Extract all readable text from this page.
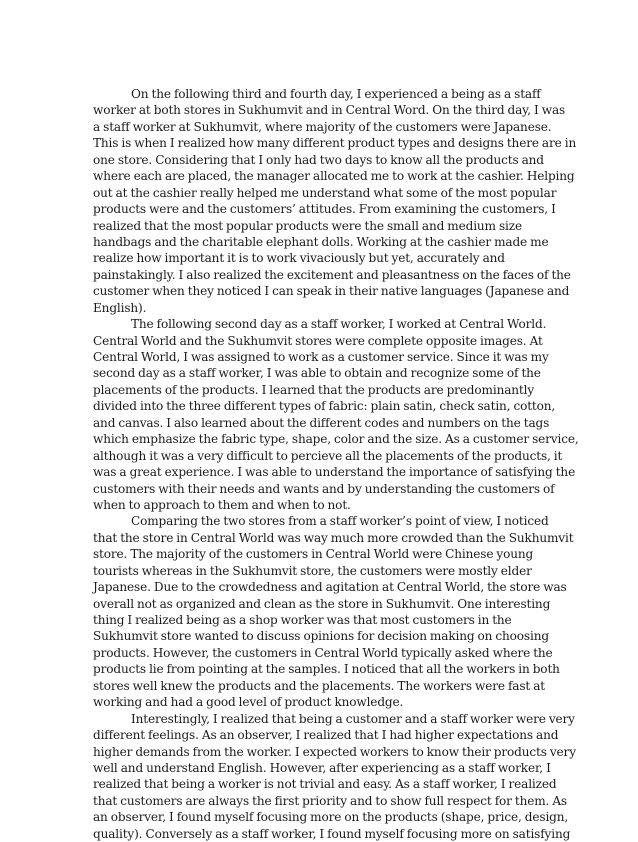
On the following third and fourth day, I experienced a being as a staff
worker at both stores in Sukhumvit and in Central Word. On the third day, I was
a staff worker at Sukhumvit, where majority of the customers were Japanese.
This is when I realized how many different product types and designs there are in
one store. Considering that I only had two days to know all the products and
where each are placed, the manager allocated me to work at the cashier. Helping
out at the cashier really helped me understand what some of the most popular
products were and the customers’ attitudes. From examining the customers, I
realized that the most popular products were the small and medium size
handbags and the charitable elephant dolls. Working at the cashier made me
realize how important it is to work vivaciously but yet, accurately and
painstakingly. I also realized the excitement and pleasantness on the faces of the
customer when they noticed I can speak in their native languages (Japanese and
English).
The following second day as a staff worker, I worked at Central World.
Central World and the Sukhumvit stores were complete opposite images. At
Central World, I was assigned to work as a customer service. Since it was my
second day as a staff worker, I was able to obtain and recognize some of the
placements of the products. I learned that the products are predominantly
divided into the three different types of fabric: plain satin, check satin, cotton,
and canvas. I also learned about the different codes and numbers on the tags
which emphasize the fabric type, shape, color and the size. As a customer service,
although it was a very difficult to percieve all the placements of the products, it
was a great experience. I was able to understand the importance of satisfying the
customers with their needs and wants and by understanding the customers of
when to approach to them and when to not.
Comparing the two stores from a staff worker’s point of view, I noticed
that the store in Central World was way much more crowded than the Sukhumvit
store. The majority of the customers in Central World were Chinese young
tourists whereas in the Sukhumvit store, the customers were mostly elder
Japanese. Due to the crowdedness and agitation at Central World, the store was
overall not as organized and clean as the store in Sukhumvit. One interesting
thing I realized being as a shop worker was that most customers in the
Sukhumvit store wanted to discuss opinions for decision making on choosing
products. However, the customers in Central World typically asked where the
products lie from pointing at the samples. I noticed that all the workers in both
stores well knew the products and the placements. The workers were fast at
working and had a good level of product knowledge.
Interestingly, I realized that being a customer and a staff worker were very
different feelings. As an observer, I realized that I had higher expectations and
higher demands from the worker. I expected workers to know their products very
well and understand English. However, after experiencing as a staff worker, I
realized that being a worker is not trivial and easy. As a staff worker, I realized
that customers are always the first priority and to show full respect for them. As
an observer, I found myself focusing more on the products (shape, price, design,
quality). Conversely as a staff worker, I found myself focusing more on satisfying
